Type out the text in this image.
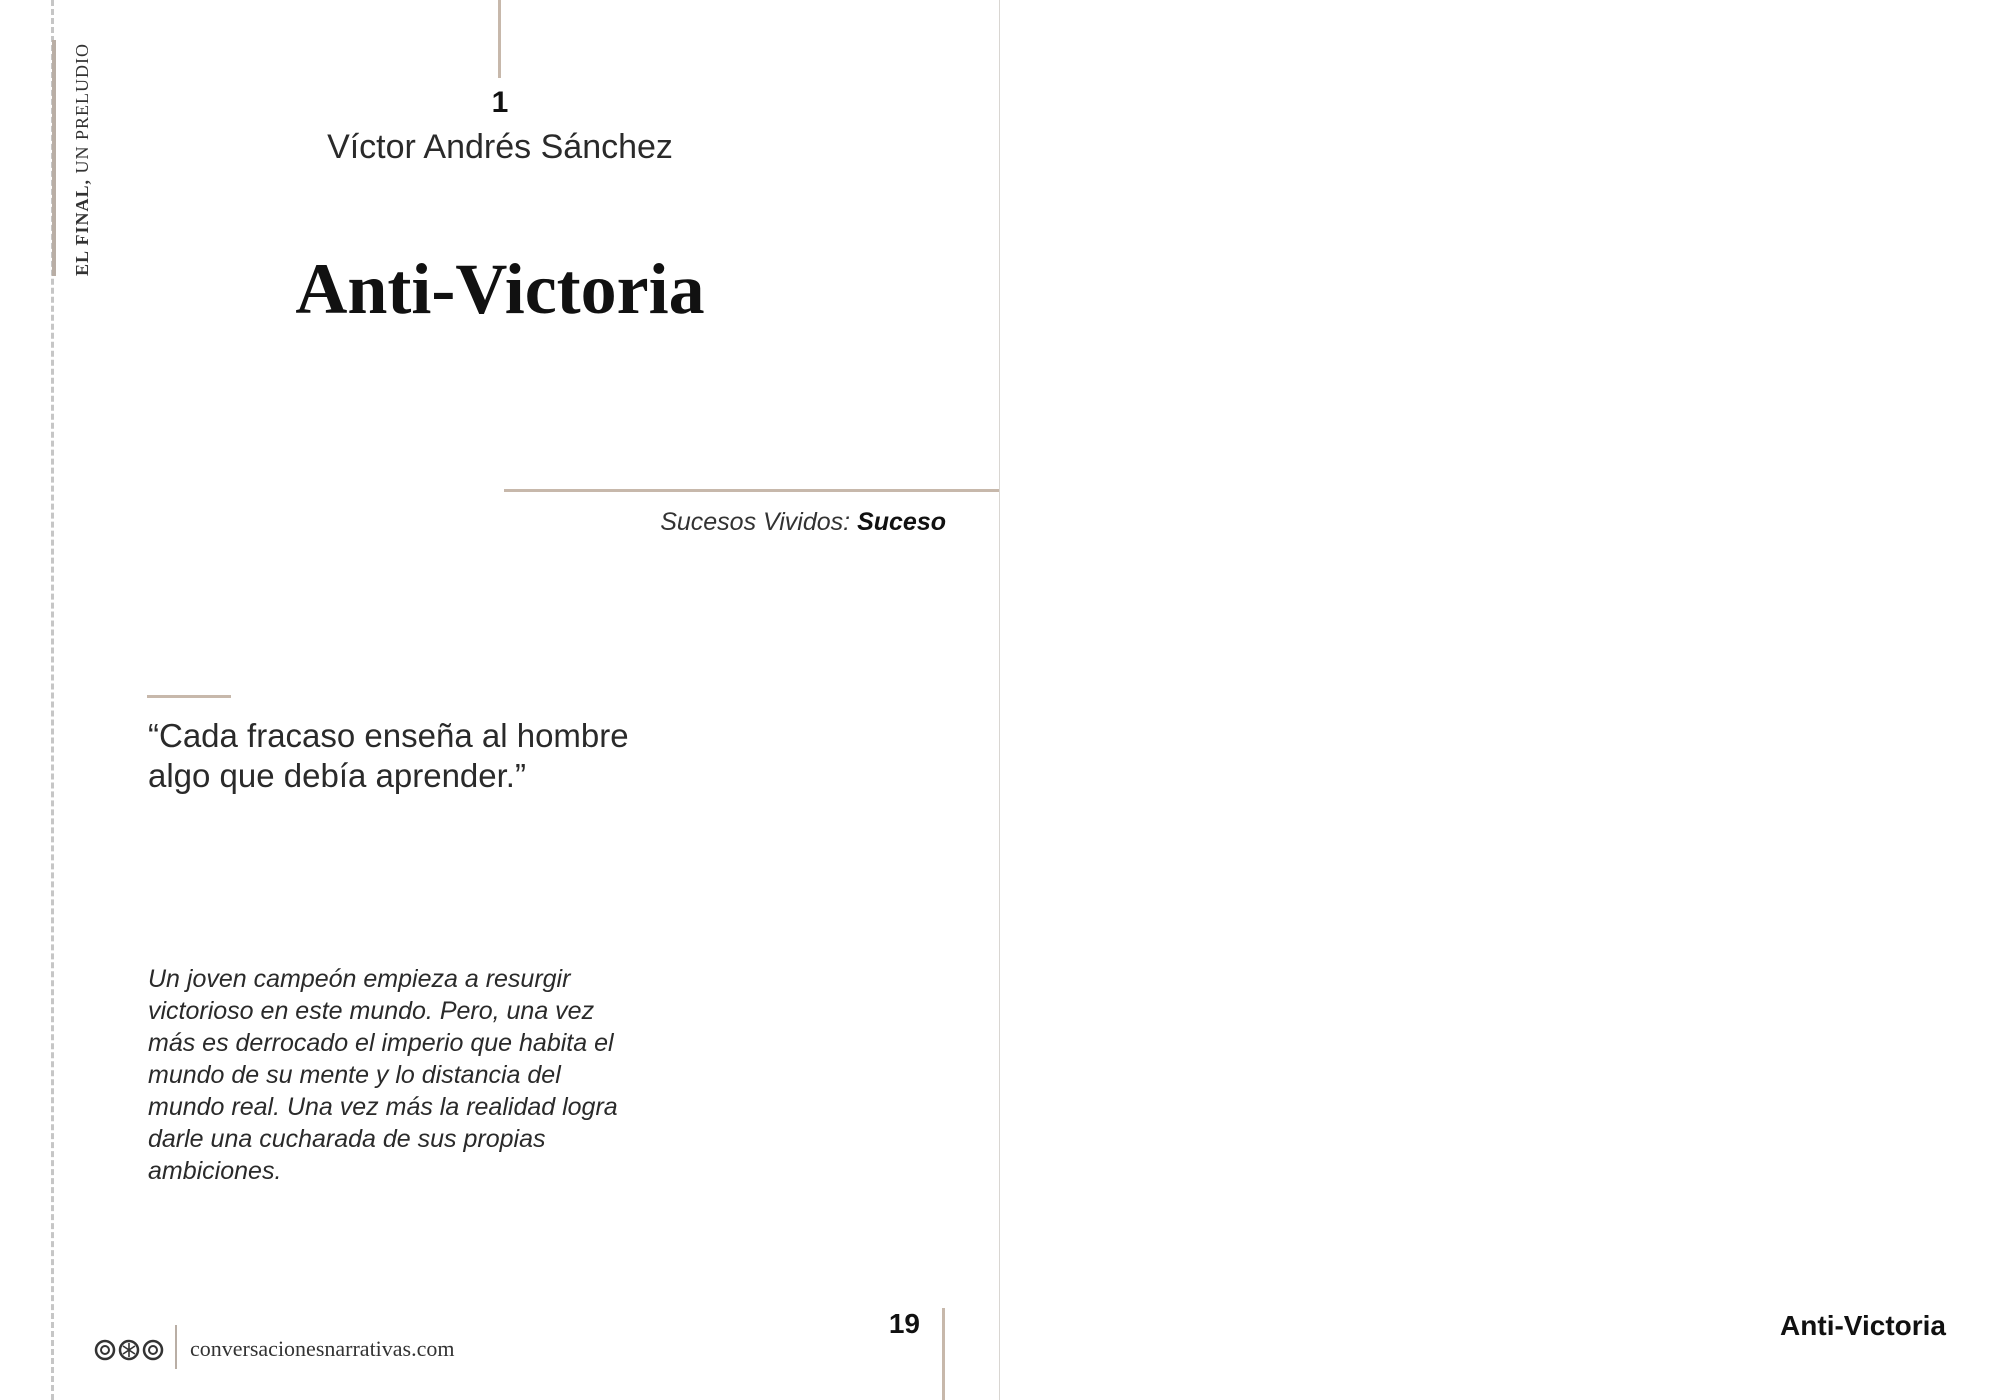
EL FINAL, UN PRELUDIO	1
Víctor Andrés Sánchez
Anti-Victoria
Sucesos Vividos: Suceso
“Cada fracaso enseña al hombre
algo que debía aprender.”
Un joven campeón empieza a resurgir
victorioso en este mundo. Pero, una vez
más es derrocado el imperio que habita el
mundo de su mente y lo distancia del
mundo real. Una vez más la realidad logra
darle una cucharada de sus propias
ambiciones.
19
conversacionesnarrativas.com
Anti-Victoria
